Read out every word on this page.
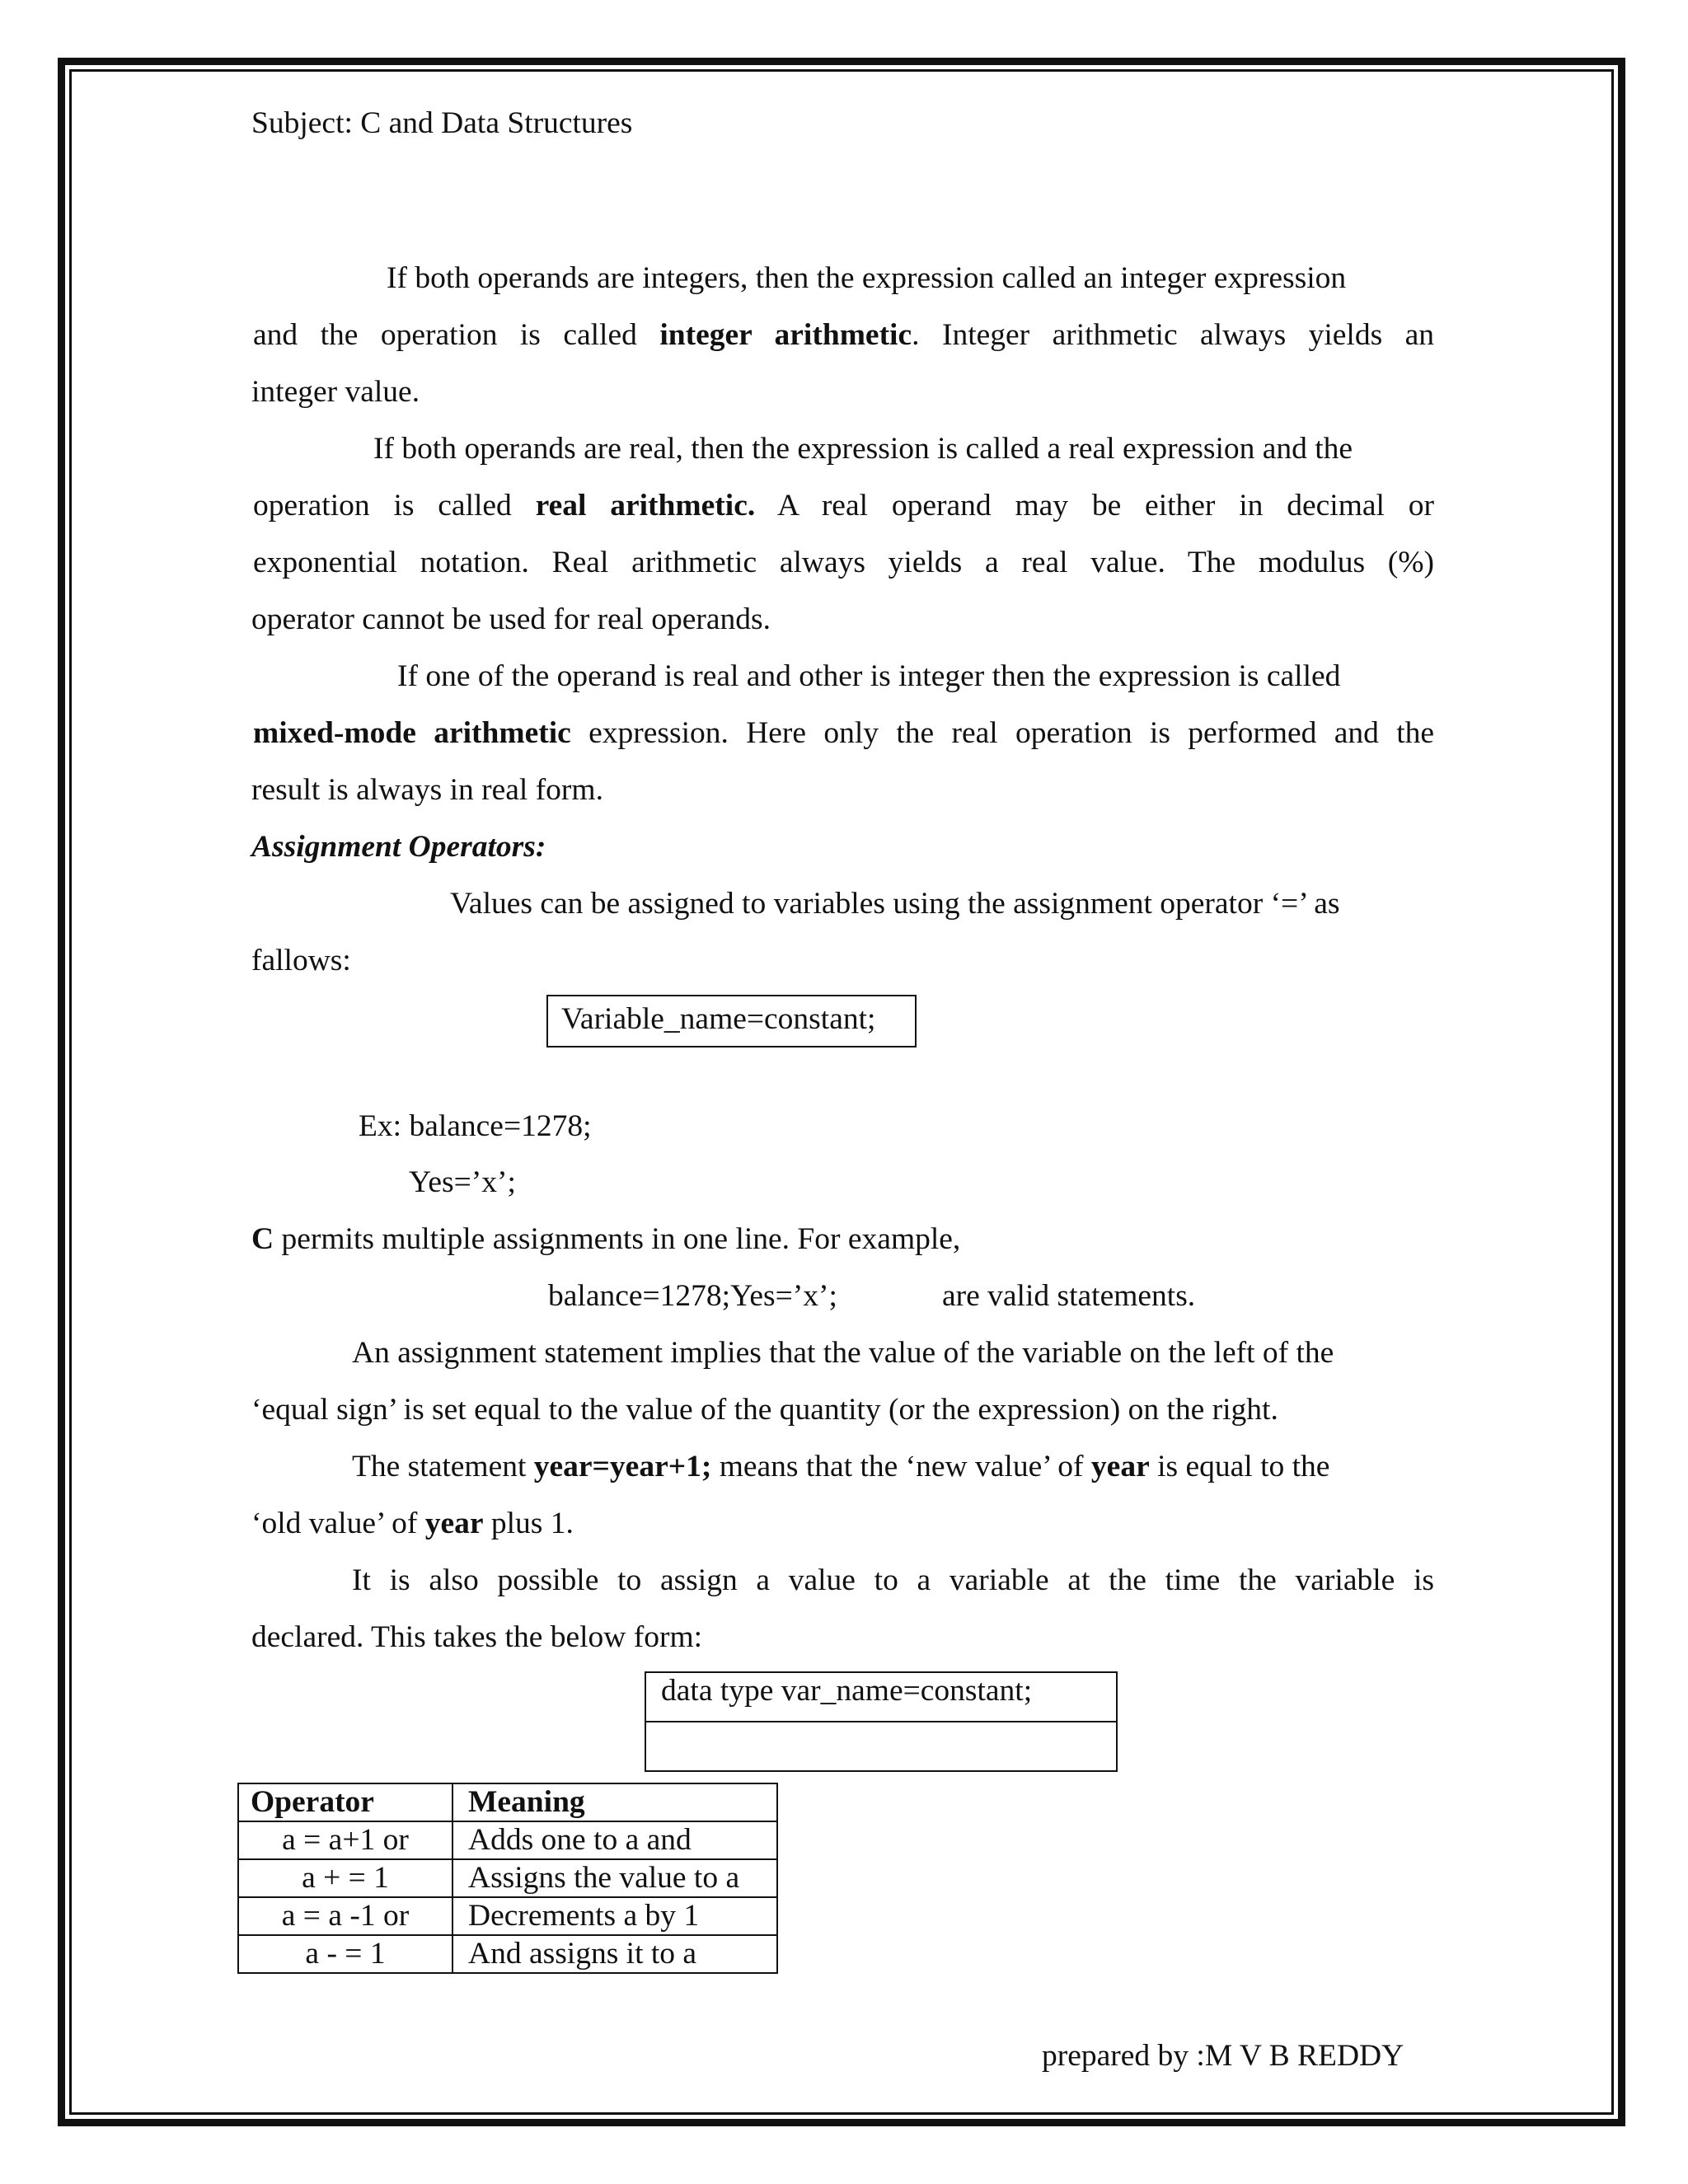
Subject: C and Data Structures
If both operands are integers, then the expression called an integer expression
and the operation is called integer arithmetic. Integer arithmetic always yields an
integer value.
If both operands are real, then the expression is called a real expression and the
operation is called real arithmetic. A real operand may be either in decimal or
exponential notation. Real arithmetic always yields a real value. The modulus (%)
operator cannot be used for real operands.
If one of the operand is real and other is integer then the expression is called
mixed-mode arithmetic expression. Here only the real operation is performed and the
result is always in real form.
Assignment Operators:
Values can be assigned to variables using the assignment operator ‘=’ as
fallows:
Variable_name=constant;
Ex: balance=1278;
Yes=’x’;
C permits multiple assignments in one line. For example,
balance=1278;Yes=’x’;	are valid statements.
An assignment statement implies that the value of the variable on the left of the
‘equal sign’ is set equal to the value of the quantity (or the expression) on the right.
The statement year=year+1; means that the ‘new value’ of year is equal to the
‘old value’ of year plus 1.
It is also possible to assign a value to a variable at the time the variable is
declared. This takes the below form:
data type var_name=constant;
Operator	Meaning
a = a+1 or	Adds one to a and
a + = 1	Assigns the value to a
a = a -1 or	Decrements a by 1
a - = 1	And assigns it to a
prepared by :M V B REDDY
